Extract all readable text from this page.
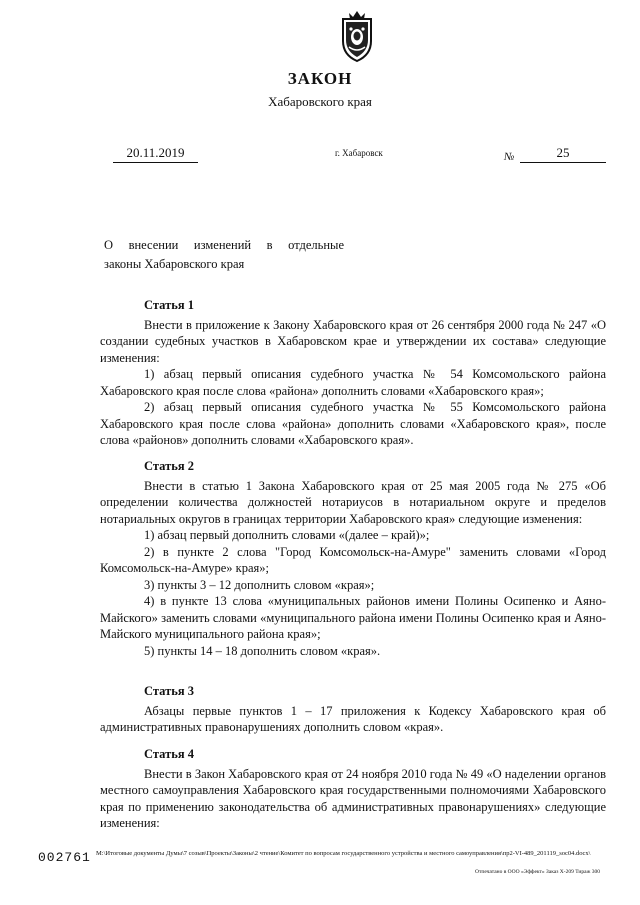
ЗАКОН
Хабаровского края
20.11.2019	г. Хабаровск	№	25
О внесении изменений в отдельные
законы Хабаровского края
Статья 1

Внести в приложение к Закону Хабаровского края от 26 сентября 2000 года № 247 «О создании судебных участков в Хабаровском крае и утверждении их состава» следующие изменения:

1) абзац первый описания судебного участка № 54 Комсомольского района Хабаровского края после слова «района» дополнить словами «Хабаровского края»;

2) абзац первый описания судебного участка № 55 Комсомольского района Хабаровского края после слова «района» дополнить словами «Хабаровского края», после слова «районов» дополнить словами «Хабаровского края».

Статья 2

Внести в статью 1 Закона Хабаровского края от 25 мая 2005 года № 275 «Об определении количества должностей нотариусов в нотариальном округе и пределов нотариальных округов в границах территории Хабаровского края» следующие изменения:

1) абзац первый дополнить словами «(далее – край)»;

2) в пункте 2 слова "Город Комсомольск-на-Амуре" заменить словами «Город Комсомольск-на-Амуре» края»;

3) пункты 3 – 12 дополнить словом «края»;

4) в пункте 13 слова «муниципальных районов имени Полины Осипенко и Аяно-Майского» заменить словами «муниципального района имени Полины Осипенко края и Аяно-Майского муниципального района края»;

5) пункты 14 – 18 дополнить словом «края».

Статья 3

Абзацы первые пунктов 1 – 17 приложения к Кодексу Хабаровского края об административных правонарушениях дополнить словом «края».

Статья 4

Внести в Закон Хабаровского края от 24 ноября 2010 года № 49 «О наделении органов местного самоуправления Хабаровского края государственными полномочиями Хабаровского края по применению законодательства об административных правонарушениях» следующие изменения:

002761 M:\Итоговые документы Думы\7 созыв\Проекты\Законы\2 чтение\Комитет по вопросам государственного устройства и местного самоуправления\пр2-VI-489_201119_soc04.docx\
Отпечатано в ООО «Эффект» Заказ Х-209 Тираж 300
